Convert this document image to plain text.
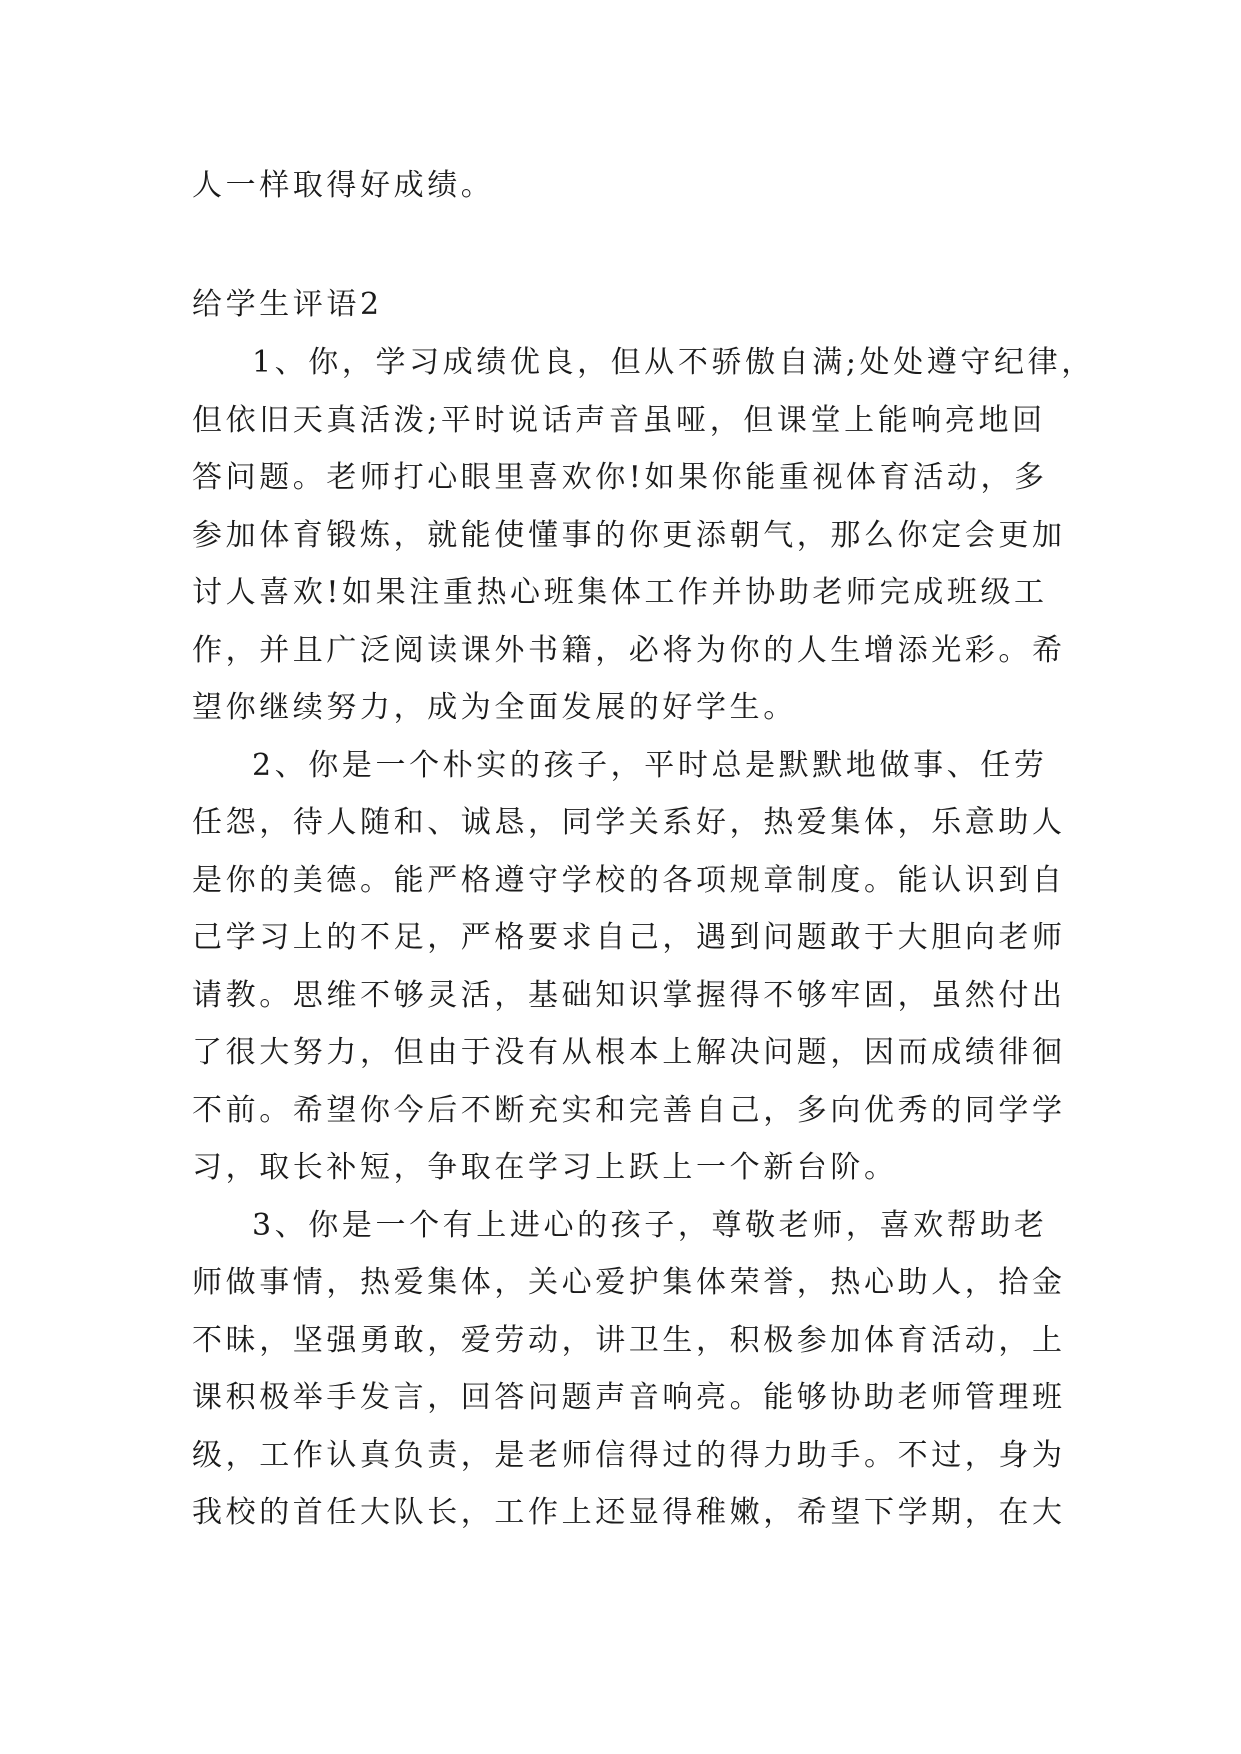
人一样取得好成绩。

给学生评语2
1、你，学习成绩优良，但从不骄傲自满;处处遵守纪律，
但依旧天真活泼;平时说话声音虽哑，但课堂上能响亮地回
答问题。老师打心眼里喜欢你!如果你能重视体育活动，多
参加体育锻炼，就能使懂事的你更添朝气，那么你定会更加
讨人喜欢!如果注重热心班集体工作并协助老师完成班级工
作，并且广泛阅读课外书籍，必将为你的人生增添光彩。希
望你继续努力，成为全面发展的好学生。
2、你是一个朴实的孩子，平时总是默默地做事、任劳
任怨，待人随和、诚恳，同学关系好，热爱集体，乐意助人
是你的美德。能严格遵守学校的各项规章制度。能认识到自
己学习上的不足，严格要求自己，遇到问题敢于大胆向老师
请教。思维不够灵活，基础知识掌握得不够牢固，虽然付出
了很大努力，但由于没有从根本上解决问题，因而成绩徘徊
不前。希望你今后不断充实和完善自己，多向优秀的同学学
习，取长补短，争取在学习上跃上一个新台阶。
3、你是一个有上进心的孩子，尊敬老师，喜欢帮助老
师做事情，热爱集体，关心爱护集体荣誉，热心助人，拾金
不昧，坚强勇敢，爱劳动，讲卫生，积极参加体育活动，上
课积极举手发言，回答问题声音响亮。能够协助老师管理班
级，工作认真负责，是老师信得过的得力助手。不过，身为
我校的首任大队长，工作上还显得稚嫩，希望下学期，在大
